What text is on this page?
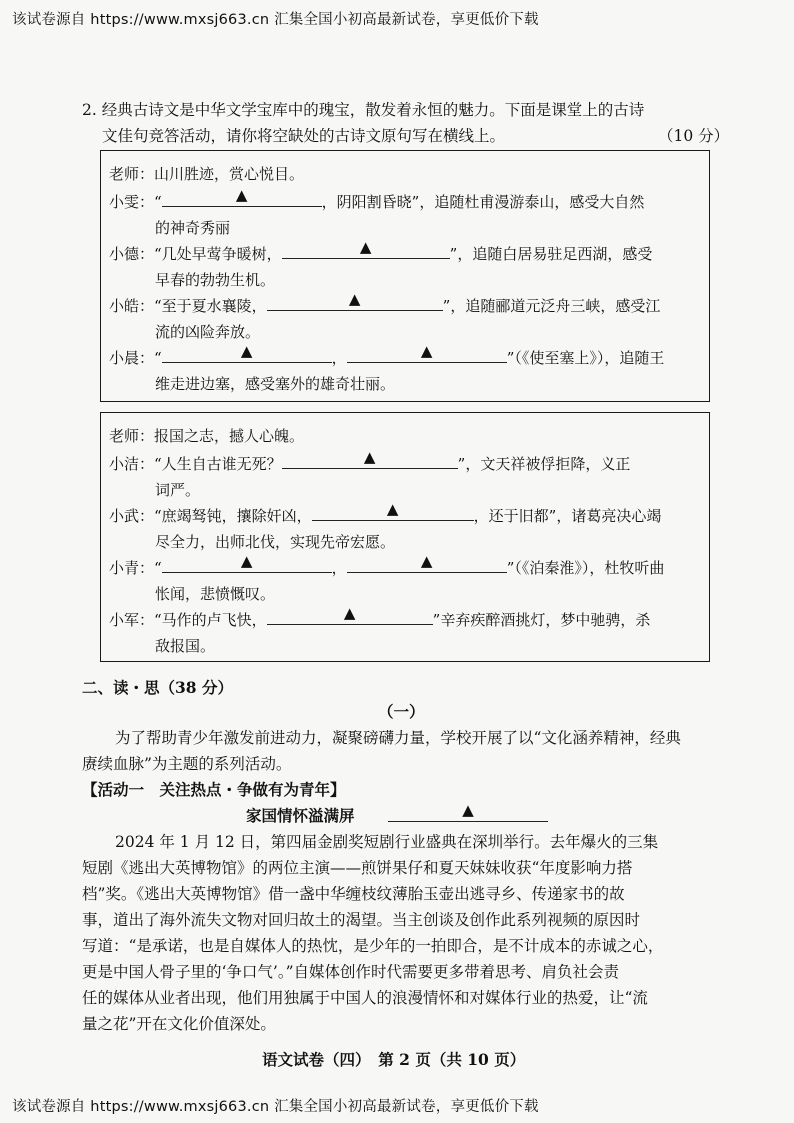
该试卷源自 https://www.mxsj663.cn 汇集全国小初高最新试卷，享更低价下载
2. 经典古诗文是中华文学宝库中的瑰宝，散发着永恒的魅力。下面是课堂上的古诗
文佳句竞答活动，请你将空缺处的古诗文原句写在横线上。	（10 分）
老师：山川胜迹，赏心悦目。
小雯：“	▲	，阴阳割昏晓”，追随杜甫漫游泰山，感受大自然
的神奇秀丽
小德：“几处早莺争暖树，	▲	”，追随白居易驻足西湖，感受
早春的勃勃生机。
小皓：“至于夏水襄陵，	▲	”，追随郦道元泛舟三峡，感受江
流的凶险奔放。
小晨：“	▲	，	▲	”（《使至塞上》），追随王
维走进边塞，感受塞外的雄奇壮丽。
老师：报国之志，撼人心魄。
小洁：“人生自古谁无死？	▲	”，文天祥被俘拒降，义正
词严。
小武：“庶竭驽钝，攘除奸凶，	▲	，还于旧都”，诸葛亮决心竭
尽全力，出师北伐，实现先帝宏愿。
小青：“	▲	，	▲	”（《泊秦淮》），杜牧听曲
怅闻，悲愤慨叹。
小军：“马作的卢飞快，	▲	”辛弃疾醉酒挑灯，梦中驰骋，杀
敌报国。
二、读・思（38 分）
（一）
为了帮助青少年激发前进动力，凝聚磅礴力量，学校开展了以“文化涵养精神，经典
赓续血脉”为主题的系列活动。
【活动一　关注热点・争做有为青年】
家国情怀溢满屏	▲
2024 年 1 月 12 日，第四届金剧奖短剧行业盛典在深圳举行。去年爆火的三集
短剧《逃出大英博物馆》的两位主演——煎饼果仔和夏天妹妹收获“年度影响力搭
档”奖。《逃出大英博物馆》借一盏中华缠枝纹薄胎玉壶出逃寻乡、传递家书的故
事，道出了海外流失文物对回归故土的渴望。当主创谈及创作此系列视频的原因时
写道：“是承诺，也是自媒体人的热忱，是少年的一拍即合，是不计成本的赤诚之心，
更是中国人骨子里的‘争口气’。”自媒体创作时代需要更多带着思考、肩负社会责
任的媒体从业者出现，他们用独属于中国人的浪漫情怀和对媒体行业的热爱，让“流
量之花”开在文化价值深处。
语文试卷（四）　第 2 页（共 10 页）
该试卷源自 https://www.mxsj663.cn 汇集全国小初高最新试卷，享更低价下载
